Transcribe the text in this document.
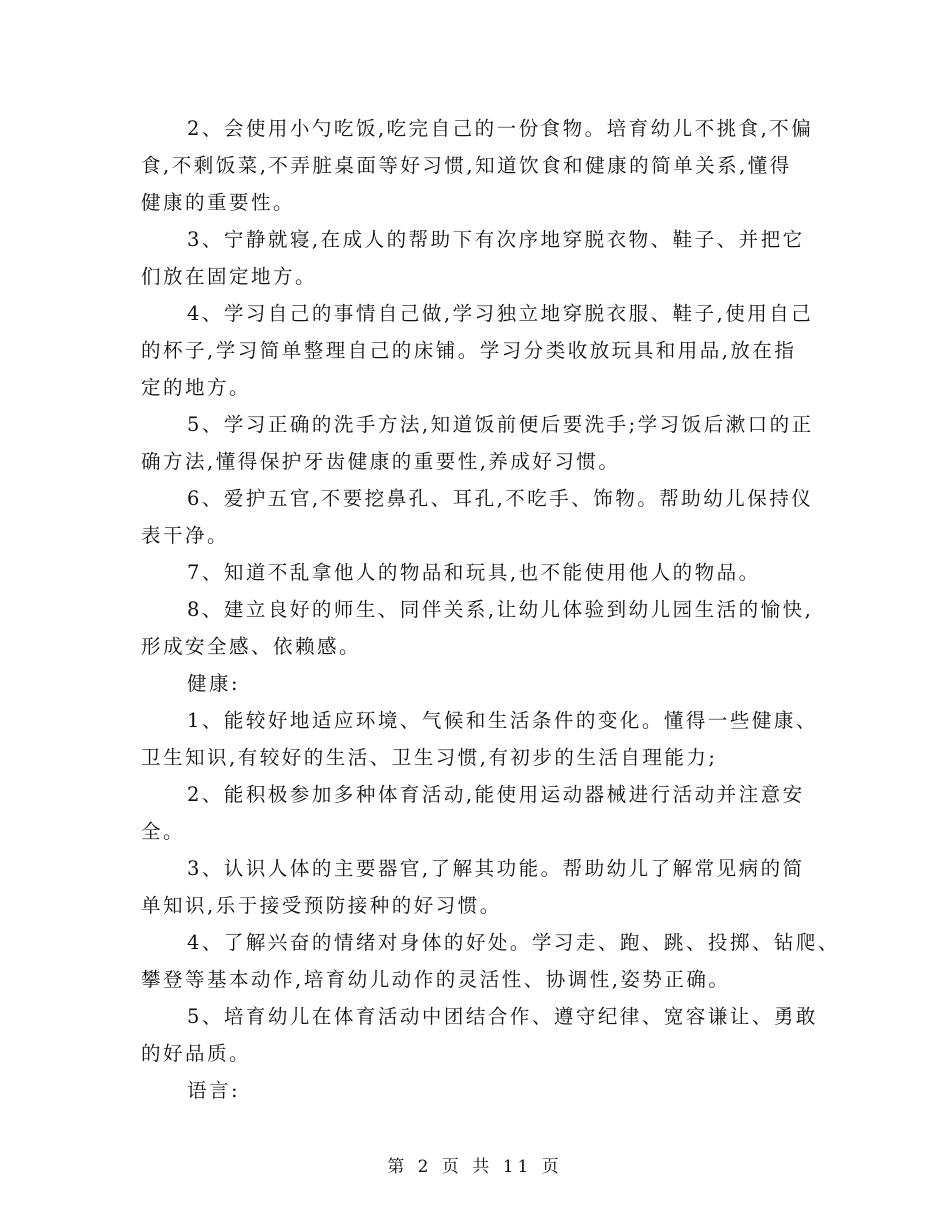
2、会使用小勺吃饭,吃完自己的一份食物。培育幼儿不挑食,不偏
食,不剩饭菜,不弄脏桌面等好习惯,知道饮食和健康的简单关系,懂得
健康的重要性。
3、宁静就寝,在成人的帮助下有次序地穿脱衣物、鞋子、并把它
们放在固定地方。
4、学习自己的事情自己做,学习独立地穿脱衣服、鞋子,使用自己
的杯子,学习简单整理自己的床铺。学习分类收放玩具和用品,放在指
定的地方。
5、学习正确的洗手方法,知道饭前便后要洗手;学习饭后漱口的正
确方法,懂得保护牙齿健康的重要性,养成好习惯。
6、爱护五官,不要挖鼻孔、耳孔,不吃手、饰物。帮助幼儿保持仪
表干净。
7、知道不乱拿他人的物品和玩具,也不能使用他人的物品。
8、建立良好的师生、同伴关系,让幼儿体验到幼儿园生活的愉快,
形成安全感、依赖感。
健康:
1、能较好地适应环境、气候和生活条件的变化。懂得一些健康、
卫生知识,有较好的生活、卫生习惯,有初步的生活自理能力;
2、能积极参加多种体育活动,能使用运动器械进行活动并注意安
全。
3、认识人体的主要器官,了解其功能。帮助幼儿了解常见病的简
单知识,乐于接受预防接种的好习惯。
4、了解兴奋的情绪对身体的好处。学习走、跑、跳、投掷、钻爬、
攀登等基本动作,培育幼儿动作的灵活性、协调性,姿势正确。
5、培育幼儿在体育活动中团结合作、遵守纪律、宽容谦让、勇敢
的好品质。
语言:
第 2 页 共 11 页
